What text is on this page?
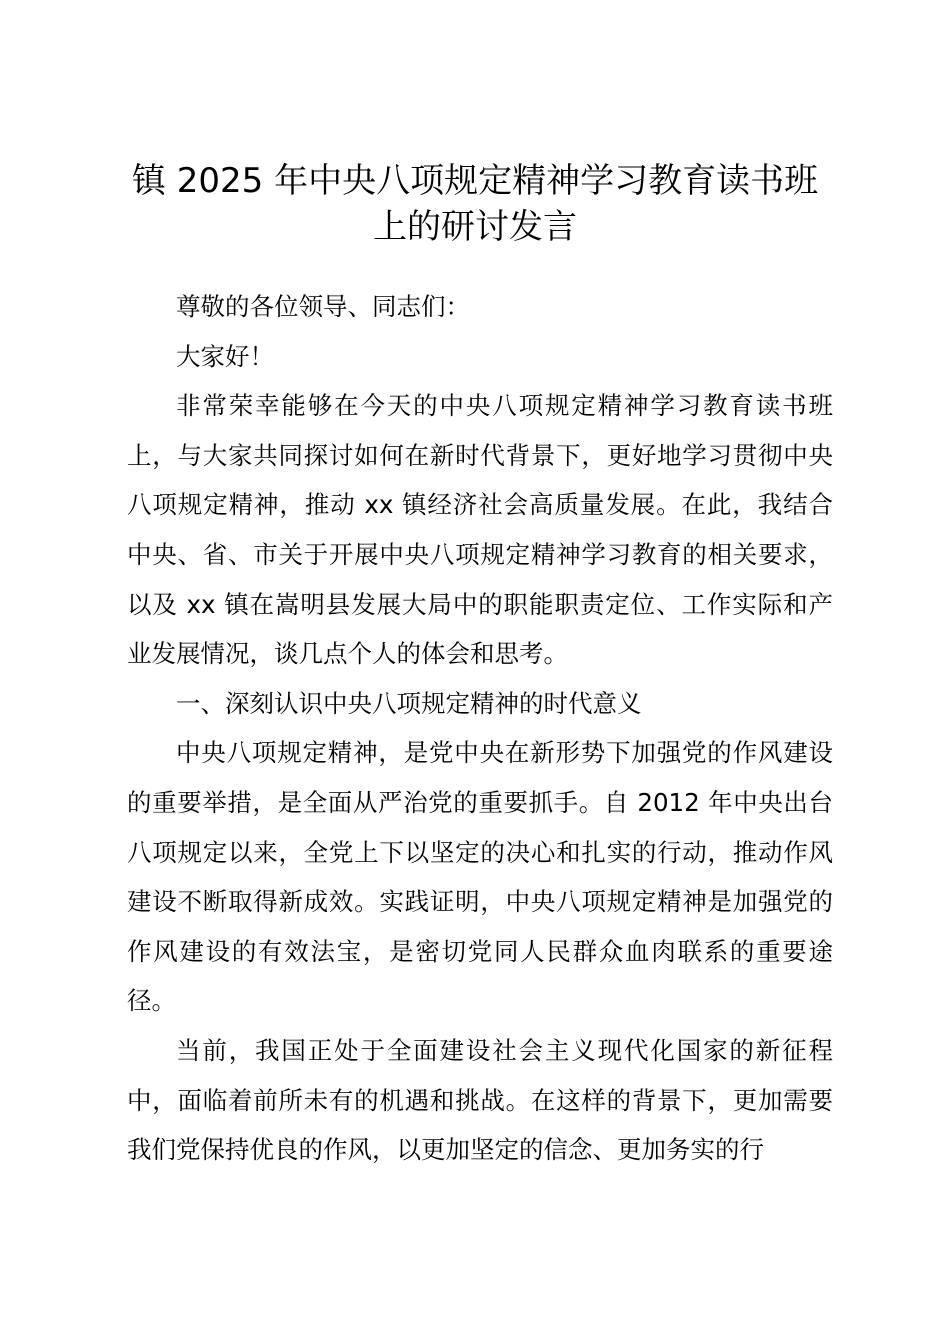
镇 2025 年中央八项规定精神学习教育读书班
上的研讨发言

尊敬的各位领导、同志们：

大家好！

非常荣幸能够在今天的中央八项规定精神学习教育读书班上，与大家共同探讨如何在新时代背景下，更好地学习贯彻中央八项规定精神，推动 xx 镇经济社会高质量发展。在此，我结合中央、省、市关于开展中央八项规定精神学习教育的相关要求，以及 xx 镇在嵩明县发展大局中的职能职责定位、工作实际和产业发展情况，谈几点个人的体会和思考。

一、深刻认识中央八项规定精神的时代意义

中央八项规定精神，是党中央在新形势下加强党的作风建设的重要举措，是全面从严治党的重要抓手。自 2012 年中央出台八项规定以来，全党上下以坚定的决心和扎实的行动，推动作风建设不断取得新成效。实践证明，中央八项规定精神是加强党的作风建设的有效法宝，是密切党同人民群众血肉联系的重要途径。

当前，我国正处于全面建设社会主义现代化国家的新征程中，面临着前所未有的机遇和挑战。在这样的背景下，更加需要我们党保持优良的作风，以更加坚定的信念、更加务实的行
